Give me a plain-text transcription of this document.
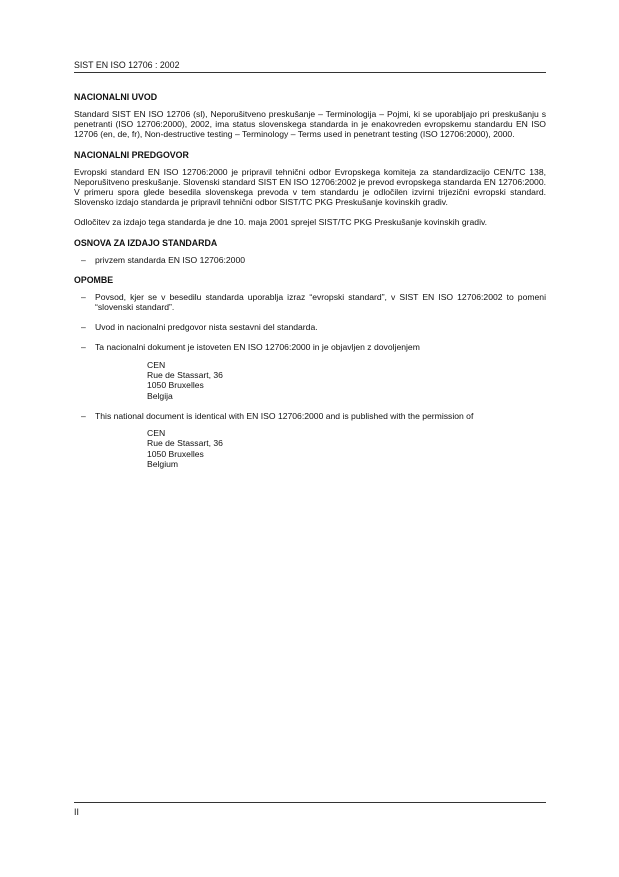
SIST EN ISO 12706 : 2002
NACIONALNI UVOD

Standard SIST EN ISO 12706 (sl), Neporušitveno preskušanje – Terminologija – Pojmi, ki se uporabljajo pri preskušanju s penetranti (ISO 12706:2000), 2002, ima status slovenskega standarda in je enakovreden evropskemu standardu EN ISO 12706 (en, de, fr), Non-destructive testing – Terminology – Terms used in penetrant testing (ISO 12706:2000), 2000.

NACIONALNI PREDGOVOR

Evropski standard EN ISO 12706:2000 je pripravil tehnični odbor Evropskega komiteja za standardizacijo CEN/TC 138, Neporušitveno preskušanje. Slovenski standard SIST EN ISO 12706:2002 je prevod evropskega standarda EN 12706:2000. V primeru spora glede besedila slovenskega prevoda v tem standardu je odločilen izvirni trijezični evropski standard. Slovensko izdajo standarda je pripravil tehnični odbor SIST/TC PKG Preskušanje kovinskih gradiv.

Odločitev za izdajo tega standarda je dne 10. maja 2001 sprejel SIST/TC PKG Preskušanje kovinskih gradiv.

OSNOVA ZA IZDAJO STANDARDA
– privzem standarda EN ISO 12706:2000
OPOMBE
– Povsod, kjer se v besedilu standarda uporablja izraz “evropski standard”, v SIST EN ISO 12706:2002 to pomeni “slovenski standard”.
– Uvod in nacionalni predgovor nista sestavni del standarda.
– Ta nacionalni dokument je istoveten EN ISO 12706:2000 in je objavljen z dovoljenjem
CEN
Rue de Stassart, 36
1050 Bruxelles
Belgija
– This national document is identical with EN ISO 12706:2000 and is published with the permission of
CEN
Rue de Stassart, 36
1050 Bruxelles
Belgium
II
